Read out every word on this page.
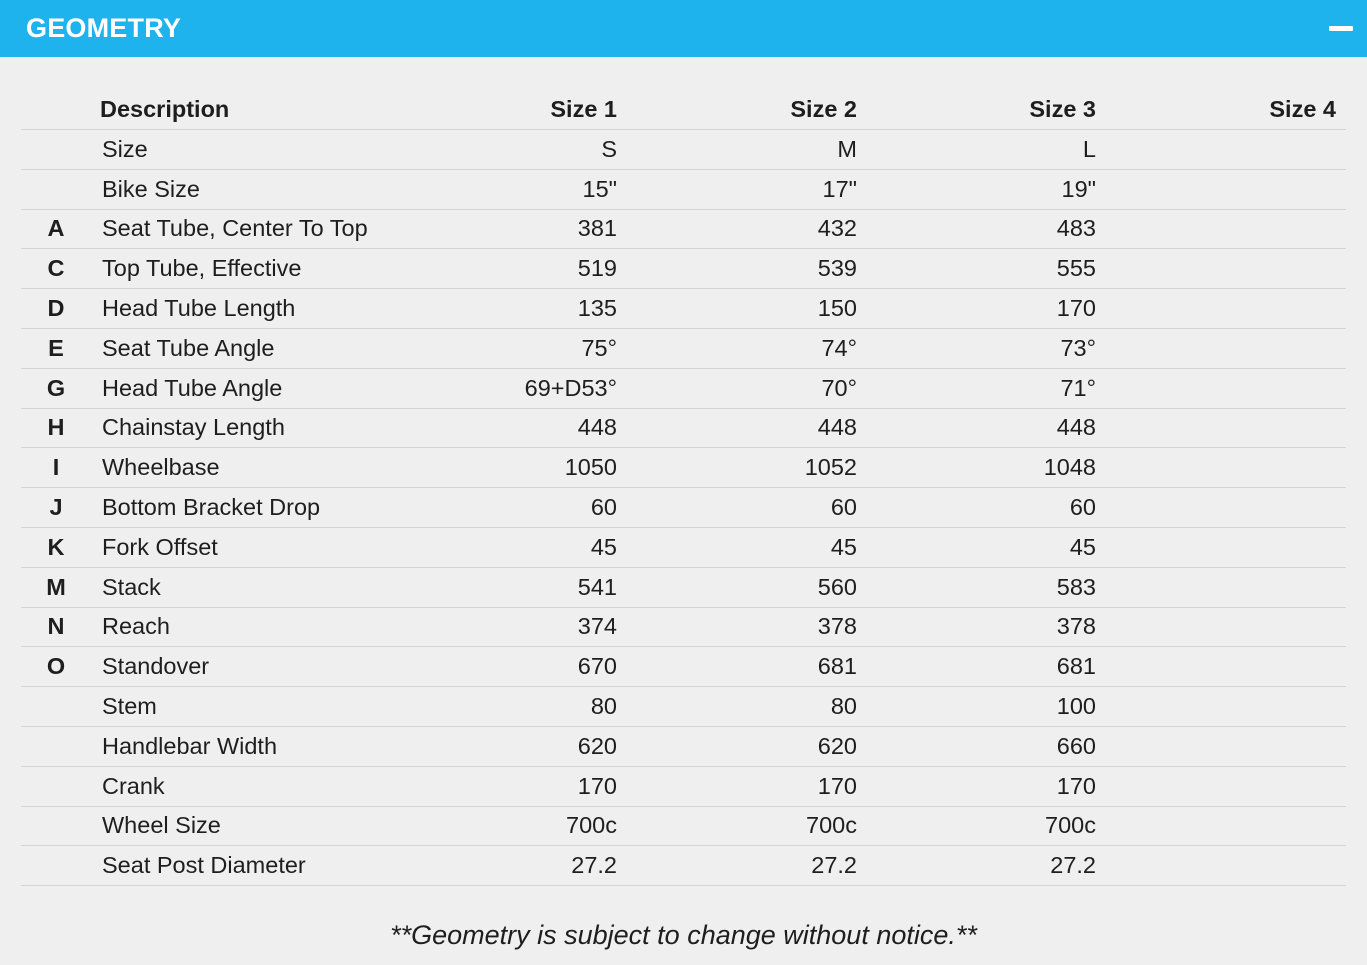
GEOMETRY
Description	Size 1	Size 2	Size 3	Size 4
Size	S	M	L
Bike Size	15"	17"	19"
A	Seat Tube, Center To Top	381	432	483
C	Top Tube, Effective	519	539	555
D	Head Tube Length	135	150	170
E	Seat Tube Angle	75°	74°	73°
G	Head Tube Angle	69+D53°	70°	71°
H	Chainstay Length	448	448	448
I	Wheelbase	1050	1052	1048
J	Bottom Bracket Drop	60	60	60
K	Fork Offset	45	45	45
M	Stack	541	560	583
N	Reach	374	378	378
O	Standover	670	681	681
Stem	80	80	100
Handlebar Width	620	620	660
Crank	170	170	170
Wheel Size	700c	700c	700c
Seat Post Diameter	27.2	27.2	27.2
**Geometry is subject to change without notice.**
